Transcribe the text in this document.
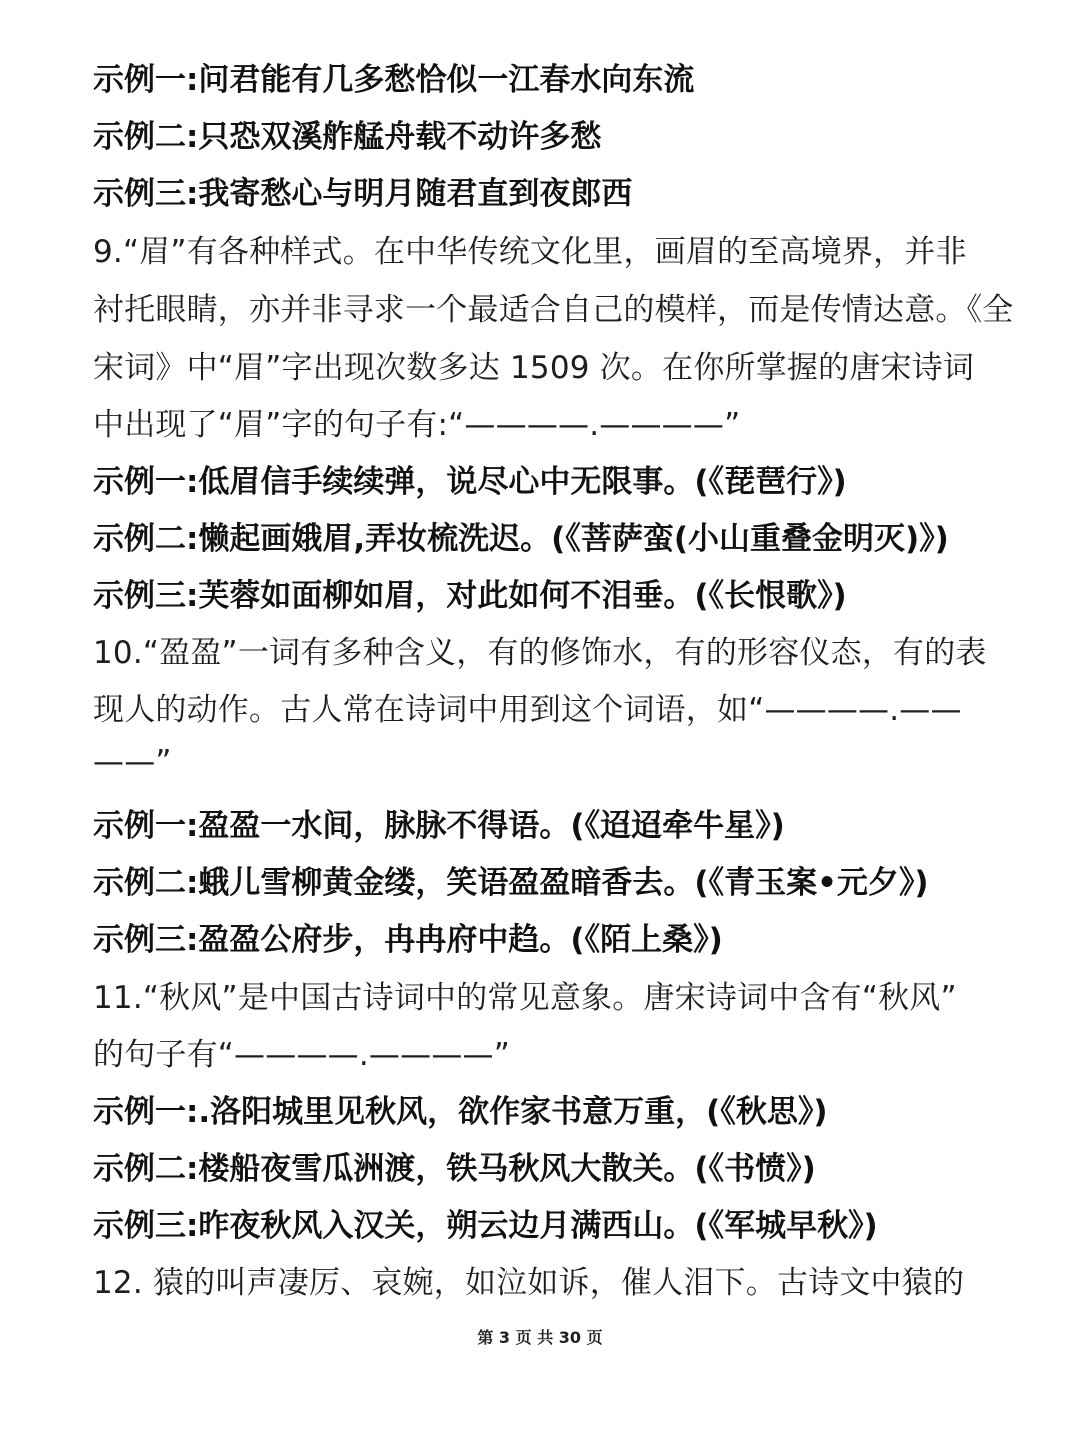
示例一:问君能有几多愁恰似一江春水向东流
示例二:只恐双溪舴艋舟载不动许多愁
示例三:我寄愁心与明月随君直到夜郎西
9.“眉”有各种样式。在中华传统文化里，画眉的至高境界，并非
衬托眼睛，亦并非寻求一个最适合自己的模样，而是传情达意。《全
宋词》中“眉”字出现次数多达 1509 次。在你所掌握的唐宋诗词
中出现了“眉”字的句子有:“————.————”
示例一:低眉信手续续弹，说尽心中无限事。(《琵琶行》)
示例二:懒起画娥眉,弄妆梳洗迟。(《菩萨蛮(小山重叠金明灭)》)
示例三:芙蓉如面柳如眉，对此如何不泪垂。(《长恨歌》)
10.“盈盈”一词有多种含义，有的修饰水，有的形容仪态，有的表
现人的动作。古人常在诗词中用到这个词语，如“————.——
——”
示例一:盈盈一水间，脉脉不得语。(《迢迢牵牛星》)
示例二:蛾儿雪柳黄金缕，笑语盈盈暗香去。(《青玉案•元夕》)
示例三:盈盈公府步，冉冉府中趋。(《陌上桑》)
11.“秋风”是中国古诗词中的常见意象。唐宋诗词中含有“秋风”
的句子有“————.————”
示例一:.洛阳城里见秋风，欲作家书意万重，(《秋思》)
示例二:楼船夜雪瓜洲渡，铁马秋风大散关。(《书愤》)
示例三:昨夜秋风入汉关，朔云边月满西山。(《军城早秋》)
12. 猿的叫声凄厉、哀婉，如泣如诉，催人泪下。古诗文中猿的
第 3 页 共 30 页
